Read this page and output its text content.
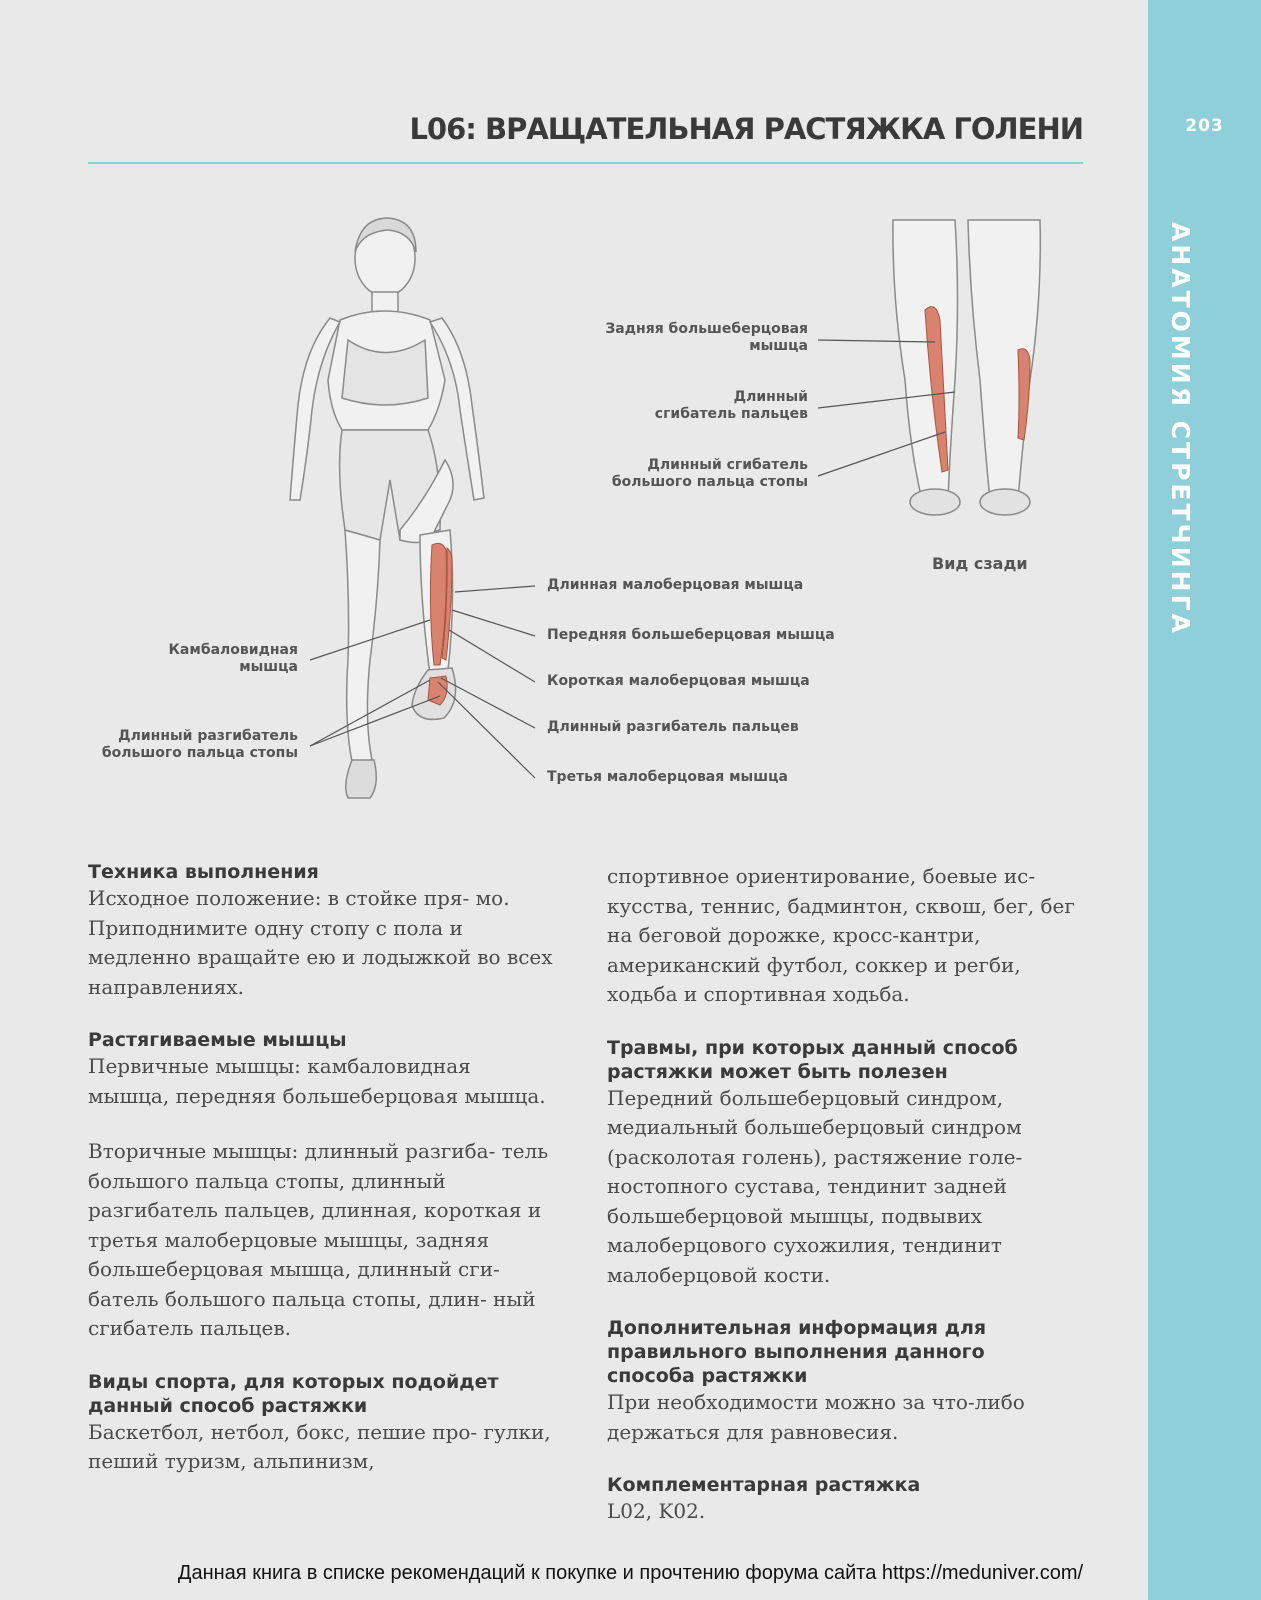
203
АНАТОМИЯ СТРЕТЧИНГА
L06: ВРАЩАТЕЛЬНАЯ РАСТЯЖКА ГОЛЕНИ
Задняя большеберцовая
мышца
Длинный
сгибатель пальцев
Длинный сгибатель
большого пальца стопы
Вид сзади
Длинная малоберцовая мышца
Передняя большеберцовая мышца
Короткая малоберцовая мышца
Длинный разгибатель пальцев
Третья малоберцовая мышца
Камбаловидная
мышца
Длинный разгибатель
большого пальца стопы

Техника выполнения

Исходное положение: в стойке пря- мо. Приподнимите одну стопу с пола и медленно вращайте ею и лодыжкой во всех направлениях.

Растягиваемые мышцы

Первичные мышцы: камбаловидная мышца, передняя большеберцовая мышца.

Вторичные мышцы: длинный разгиба- тель большого пальца стопы, длинный разгибатель пальцев, длинная, короткая и третья малоберцовые мышцы, задняя большеберцовая мышца, длинный сги- батель большого пальца стопы, длин- ный сгибатель пальцев.

Виды спорта, для которых подойдет данный способ растяжки

Баскетбол, нетбол, бокс, пешие про- гулки, пеший туризм, альпинизм,

спортивное ориентирование, боевые ис- кусства, теннис, бадминтон, сквош, бег, бег на беговой дорожке, кросс-кантри, американский футбол, соккер и регби, ходьба и спортивная ходьба.

Травмы, при которых данный способ растяжки может быть полезен

Передний большеберцовый синдром, медиальный большеберцовый синдром (расколотая голень), растяжение голе- ностопного сустава, тендинит задней большеберцовой мышцы, подвывих малоберцового сухожилия, тендинит малоберцовой кости.

Дополнительная информация для правильного выполнения данного способа растяжки

При необходимости можно за что-либо держаться для равновесия.

Комплементарная растяжка

L02, K02.

Данная книга в списке рекомендаций к покупке и прочтению форума сайта https://meduniver.com/
